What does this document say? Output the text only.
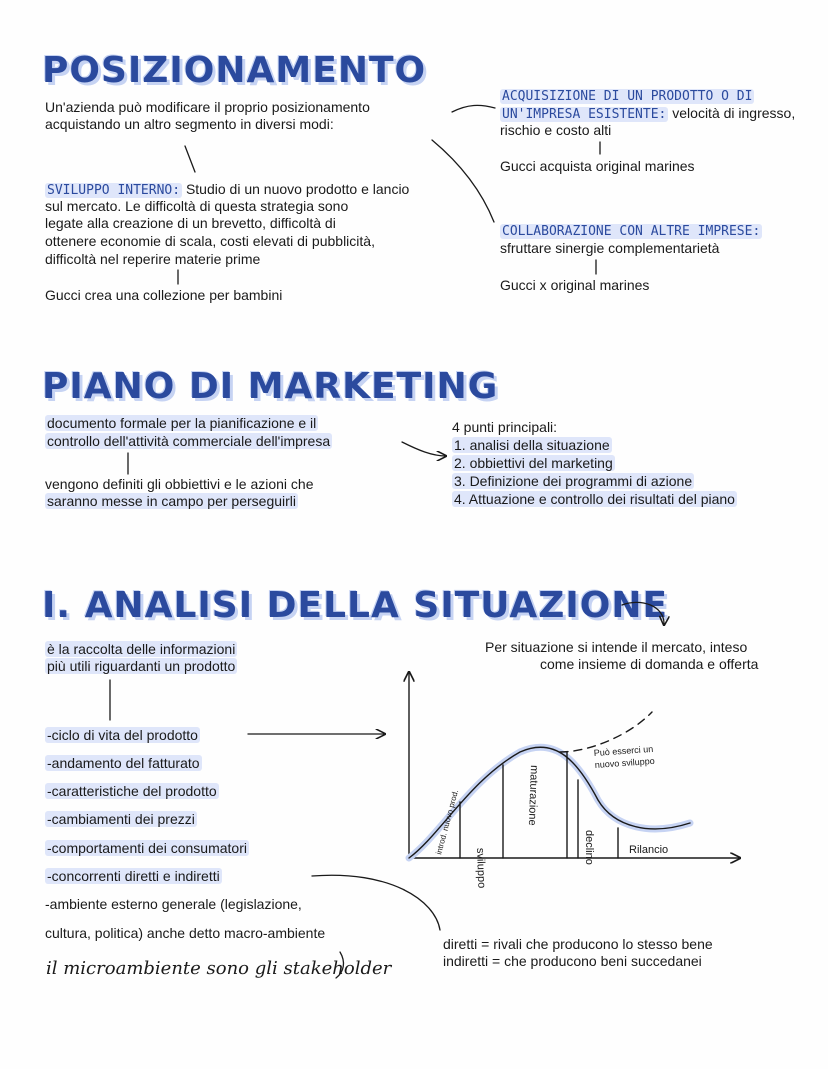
POSIZIONAMENTO
Un'azienda può modificare il proprio posizionamento
acquistando un altro segmento in diversi modi:
SVILUPPO INTERNO: Studio di un nuovo prodotto e lancio
sul mercato. Le difficoltà di questa strategia sono
legate alla creazione di un brevetto, difficoltà di
ottenere economie di scala, costi elevati di pubblicità,
difficoltà nel reperire materie prime
Gucci crea una collezione per bambini
ACQUISIZIONE DI UN PRODOTTO O DI
UN'IMPRESA ESISTENTE: velocità di ingresso,
rischio e costo alti
Gucci acquista original marines
COLLABORAZIONE CON ALTRE IMPRESE:
sfruttare sinergie complementarietà
Gucci x original marines
PIANO DI MARKETING
documento formale per la pianificazione e il
controllo dell'attività commerciale dell'impresa
vengono definiti gli obbiettivi e le azioni che
saranno messe in campo per perseguirli
4 punti principali:
1. analisi della situazione
2. obbiettivi del marketing
3. Definizione dei programmi di azione
4. Attuazione e controllo dei risultati del piano
I. ANALISI DELLA SITUAZIONE
è la raccolta delle informazioni
più utili riguardanti un prodotto
Per situazione si intende il mercato, inteso
come insieme di domanda e offerta
-ciclo di vita del prodotto
-andamento del fatturato
-caratteristiche del prodotto
-cambiamenti dei prezzi
-comportamenti dei consumatori
-concorrenti diretti e indiretti
-ambiente esterno generale (legislazione,
cultura, politica) anche detto macro-ambiente
il microambiente sono gli stakeholder
diretti = rivali che producono lo stesso bene
indiretti = che producono beni succedanei
introd. nuovo prod.
sviluppo
maturazione
declino	Rilancio
Può esserci un
nuovo sviluppo
